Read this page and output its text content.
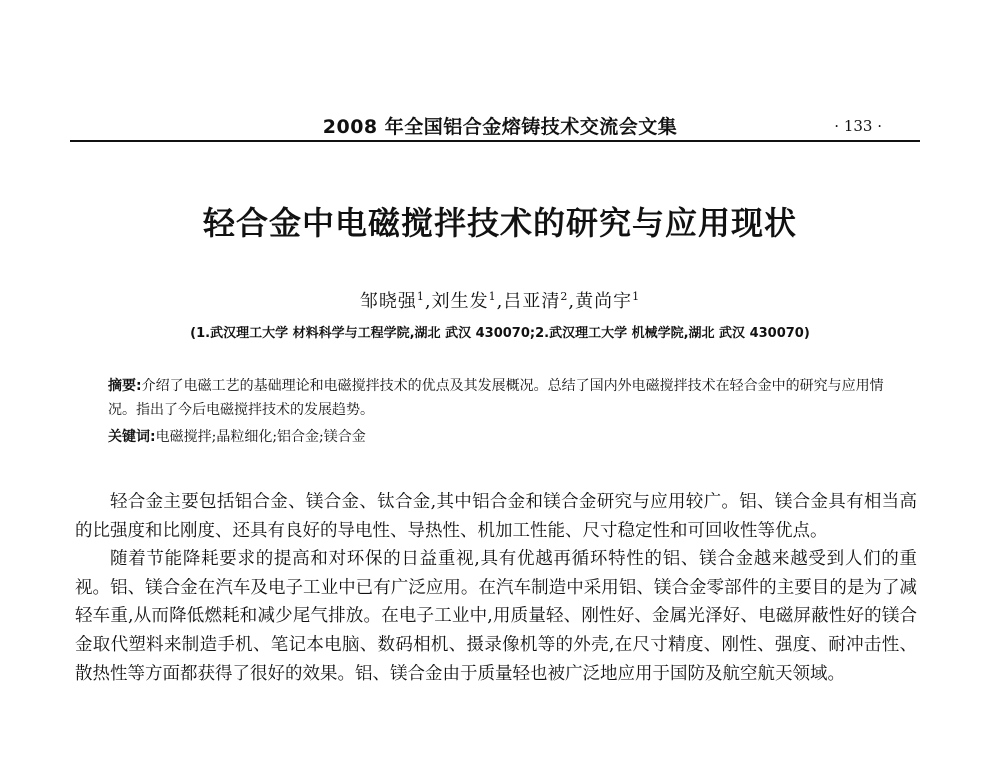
2008 年全国铝合金熔铸技术交流会文集	· 133 ·
轻合金中电磁搅拌技术的研究与应用现状
邹晓强$^1$,刘生发$^1$,吕亚清$^2$,黄尚宇$^1$
(1.武汉理工大学 材料科学与工程学院,湖北 武汉 430070;2.武汉理工大学 机械学院,湖北 武汉 430070)
摘要:介绍了电磁工艺的基础理论和电磁搅拌技术的优点及其发展概况。总结了国内外电磁搅拌技术在轻合金中的研究与应用情况。指出了今后电磁搅拌技术的发展趋势。
关键词:电磁搅拌;晶粒细化;铝合金;镁合金

轻合金主要包括铝合金、镁合金、钛合金,其中铝合金和镁合金研究与应用较广。铝、镁合金具有相当高的比强度和比刚度、还具有良好的导电性、导热性、机加工性能、尺寸稳定性和可回收性等优点。

随着节能降耗要求的提高和对环保的日益重视,具有优越再循环特性的铝、镁合金越来越受到人们的重视。铝、镁合金在汽车及电子工业中已有广泛应用。在汽车制造中采用铝、镁合金零部件的主要目的是为了减轻车重,从而降低燃耗和减少尾气排放。在电子工业中,用质量轻、刚性好、金属光泽好、电磁屏蔽性好的镁合金取代塑料来制造手机、笔记本电脑、数码相机、摄录像机等的外壳,在尺寸精度、刚性、强度、耐冲击性、散热性等方面都获得了很好的效果。铝、镁合金由于质量轻也被广泛地应用于国防及航空航天领域。
